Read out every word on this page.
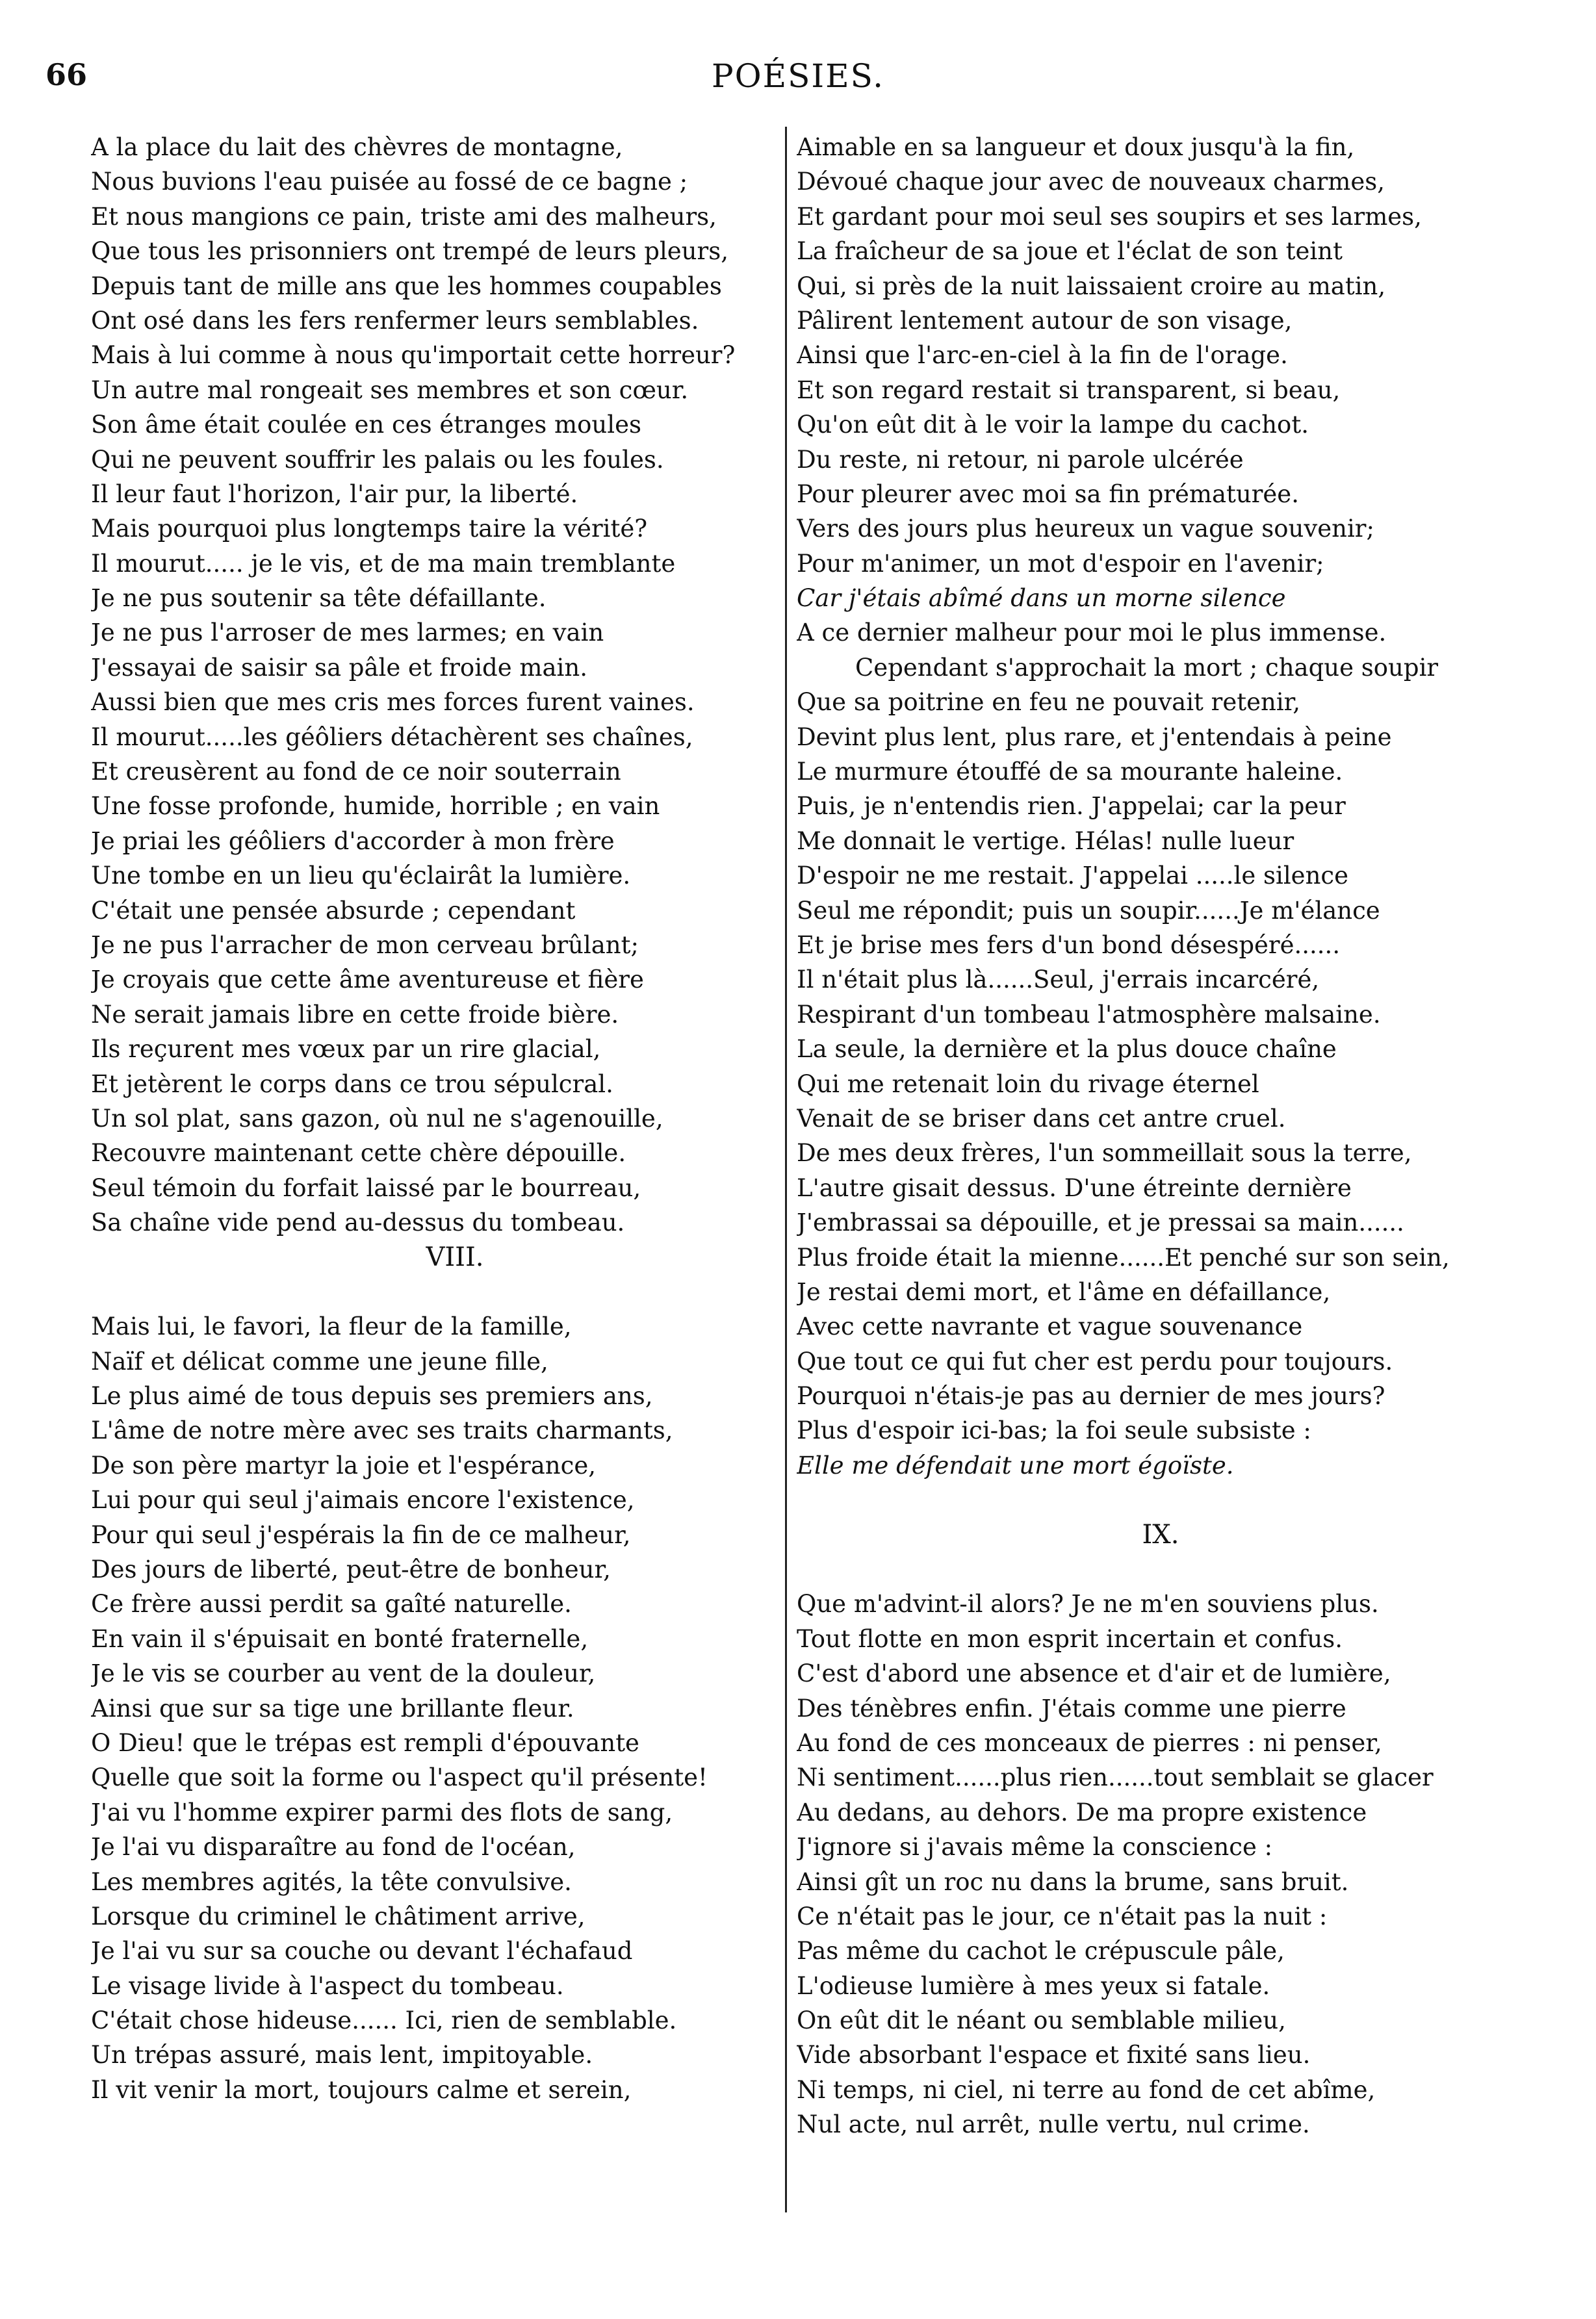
66	POÉSIES.
A la place du lait des chèvres de montagne,
Nous buvions l'eau puisée au fossé de ce bagne ;
Et nous mangions ce pain, triste ami des malheurs,
Que tous les prisonniers ont trempé de leurs pleurs,
Depuis tant de mille ans que les hommes coupables
Ont osé dans les fers renfermer leurs semblables.
Mais à lui comme à nous qu'importait cette horreur?
Un autre mal rongeait ses membres et son cœur.
Son âme était coulée en ces étranges moules
Qui ne peuvent souffrir les palais ou les foules.
Il leur faut l'horizon, l'air pur, la liberté.
Mais pourquoi plus longtemps taire la vérité?
Il mourut..... je le vis, et de ma main tremblante
Je ne pus soutenir sa tête défaillante.
Je ne pus l'arroser de mes larmes; en vain
J'essayai de saisir sa pâle et froide main.
Aussi bien que mes cris mes forces furent vaines.
Il mourut.....les géôliers détachèrent ses chaînes,
Et creusèrent au fond de ce noir souterrain
Une fosse profonde, humide, horrible ; en vain
Je priai les géôliers d'accorder à mon frère
Une tombe en un lieu qu'éclairât la lumière.
C'était une pensée absurde ; cependant
Je ne pus l'arracher de mon cerveau brûlant;
Je croyais que cette âme aventureuse et fière
Ne serait jamais libre en cette froide bière.
Ils reçurent mes vœux par un rire glacial,
Et jetèrent le corps dans ce trou sépulcral.
Un sol plat, sans gazon, où nul ne s'agenouille,
Recouvre maintenant cette chère dépouille.
Seul témoin du forfait laissé par le bourreau,
Sa chaîne vide pend au-dessus du tombeau.
VIII.
Mais lui, le favori, la fleur de la famille,
Naïf et délicat comme une jeune fille,
Le plus aimé de tous depuis ses premiers ans,
L'âme de notre mère avec ses traits charmants,
De son père martyr la joie et l'espérance,
Lui pour qui seul j'aimais encore l'existence,
Pour qui seul j'espérais la fin de ce malheur,
Des jours de liberté, peut-être de bonheur,
Ce frère aussi perdit sa gaîté naturelle.
En vain il s'épuisait en bonté fraternelle,
Je le vis se courber au vent de la douleur,
Ainsi que sur sa tige une brillante fleur.
O Dieu! que le trépas est rempli d'épouvante
Quelle que soit la forme ou l'aspect qu'il présente!
J'ai vu l'homme expirer parmi des flots de sang,
Je l'ai vu disparaître au fond de l'océan,
Les membres agités, la tête convulsive.
Lorsque du criminel le châtiment arrive,
Je l'ai vu sur sa couche ou devant l'échafaud
Le visage livide à l'aspect du tombeau.
C'était chose hideuse...... Ici, rien de semblable.
Un trépas assuré, mais lent, impitoyable.
Il vit venir la mort, toujours calme et serein,
Aimable en sa langueur et doux jusqu'à la fin,
Dévoué chaque jour avec de nouveaux charmes,
Et gardant pour moi seul ses soupirs et ses larmes,
La fraîcheur de sa joue et l'éclat de son teint
Qui, si près de la nuit laissaient croire au matin,
Pâlirent lentement autour de son visage,
Ainsi que l'arc-en-ciel à la fin de l'orage.
Et son regard restait si transparent, si beau,
Qu'on eût dit à le voir la lampe du cachot.
Du reste, ni retour, ni parole ulcérée
Pour pleurer avec moi sa fin prématurée.
Vers des jours plus heureux un vague souvenir;
Pour m'animer, un mot d'espoir en l'avenir;
Car j'étais abîmé dans un morne silence
A ce dernier malheur pour moi le plus immense.
Cependant s'approchait la mort ; chaque soupir
Que sa poitrine en feu ne pouvait retenir,
Devint plus lent, plus rare, et j'entendais à peine
Le murmure étouffé de sa mourante haleine.
Puis, je n'entendis rien. J'appelai; car la peur
Me donnait le vertige. Hélas! nulle lueur
D'espoir ne me restait. J'appelai .....le silence
Seul me répondit; puis un soupir......Je m'élance
Et je brise mes fers d'un bond désespéré......
Il n'était plus là......Seul, j'errais incarcéré,
Respirant d'un tombeau l'atmosphère malsaine.
La seule, la dernière et la plus douce chaîne
Qui me retenait loin du rivage éternel
Venait de se briser dans cet antre cruel.
De mes deux frères, l'un sommeillait sous la terre,
L'autre gisait dessus. D'une étreinte dernière
J'embrassai sa dépouille, et je pressai sa main......
Plus froide était la mienne......Et penché sur son sein,
Je restai demi mort, et l'âme en défaillance,
Avec cette navrante et vague souvenance
Que tout ce qui fut cher est perdu pour toujours.
Pourquoi n'étais-je pas au dernier de mes jours?
Plus d'espoir ici-bas; la foi seule subsiste :
Elle me défendait une mort égoïste.
IX.
Que m'advint-il alors? Je ne m'en souviens plus.
Tout flotte en mon esprit incertain et confus.
C'est d'abord une absence et d'air et de lumière,
Des ténèbres enfin. J'étais comme une pierre
Au fond de ces monceaux de pierres : ni penser,
Ni sentiment......plus rien......tout semblait se glacer
Au dedans, au dehors. De ma propre existence
J'ignore si j'avais même la conscience :
Ainsi gît un roc nu dans la brume, sans bruit.
Ce n'était pas le jour, ce n'était pas la nuit :
Pas même du cachot le crépuscule pâle,
L'odieuse lumière à mes yeux si fatale.
On eût dit le néant ou semblable milieu,
Vide absorbant l'espace et fixité sans lieu.
Ni temps, ni ciel, ni terre au fond de cet abîme,
Nul acte, nul arrêt, nulle vertu, nul crime.
